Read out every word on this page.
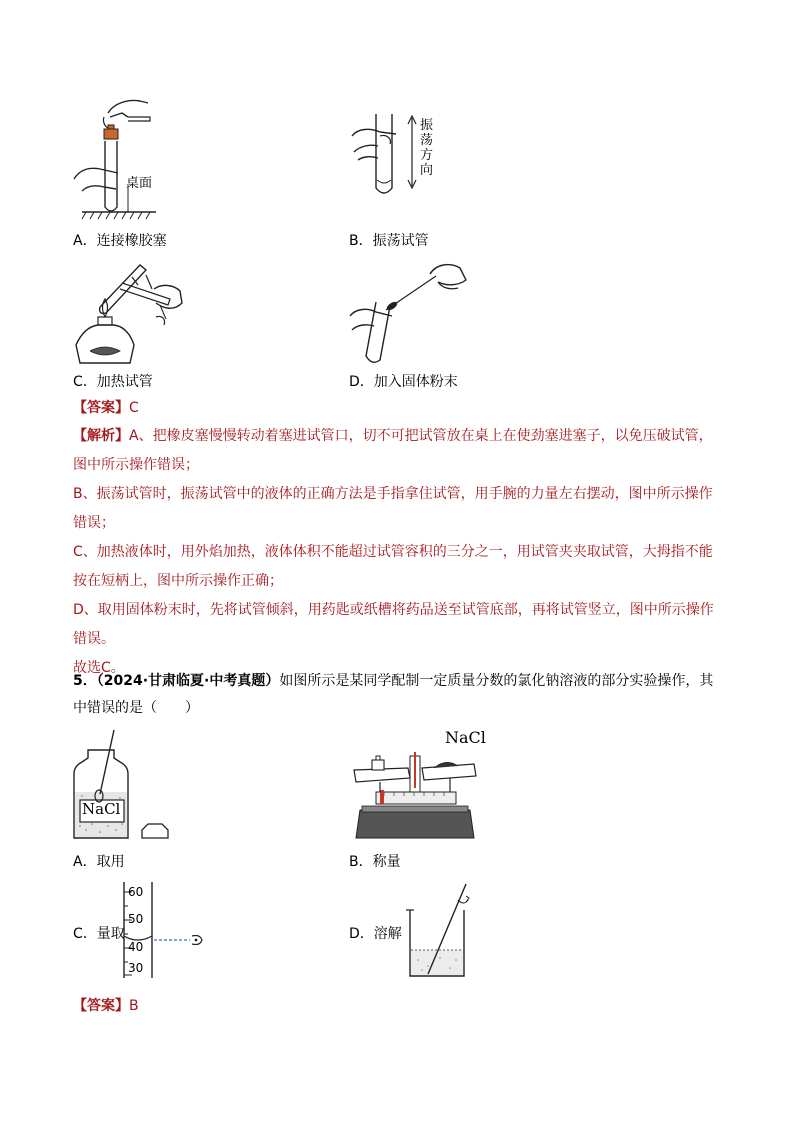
桌面
A．连接橡胶塞
振荡方向
B．振荡试管
C．加热试管	D．加入固体粉末
【答案】C
【解析】A、把橡皮塞慢慢转动着塞进试管口，切不可把试管放在桌上在使劲塞进塞子，以免压破试管，图中所示操作错误；
B、振荡试管时，振荡试管中的液体的正确方法是手指拿住试管，用手腕的力量左右摆动，图中所示操作错误；
C、加热液体时，用外焰加热，液体体积不能超过试管容积的三分之一，用试管夹夹取试管，大拇指不能按在短柄上，图中所示操作正确；
D、取用固体粉末时，先将试管倾斜，用药匙或纸槽将药品送至试管底部，再将试管竖立，图中所示操作错误。
故选C。
5．（2024·甘肃临夏·中考真题）如图所示是某同学配制一定质量分数的氯化钠溶液的部分实验操作，其中错误的是（　　）
NaCl
A．取用
NaCl
B．称量
C．量取
60
50
40
30
D．溶解
【答案】B
